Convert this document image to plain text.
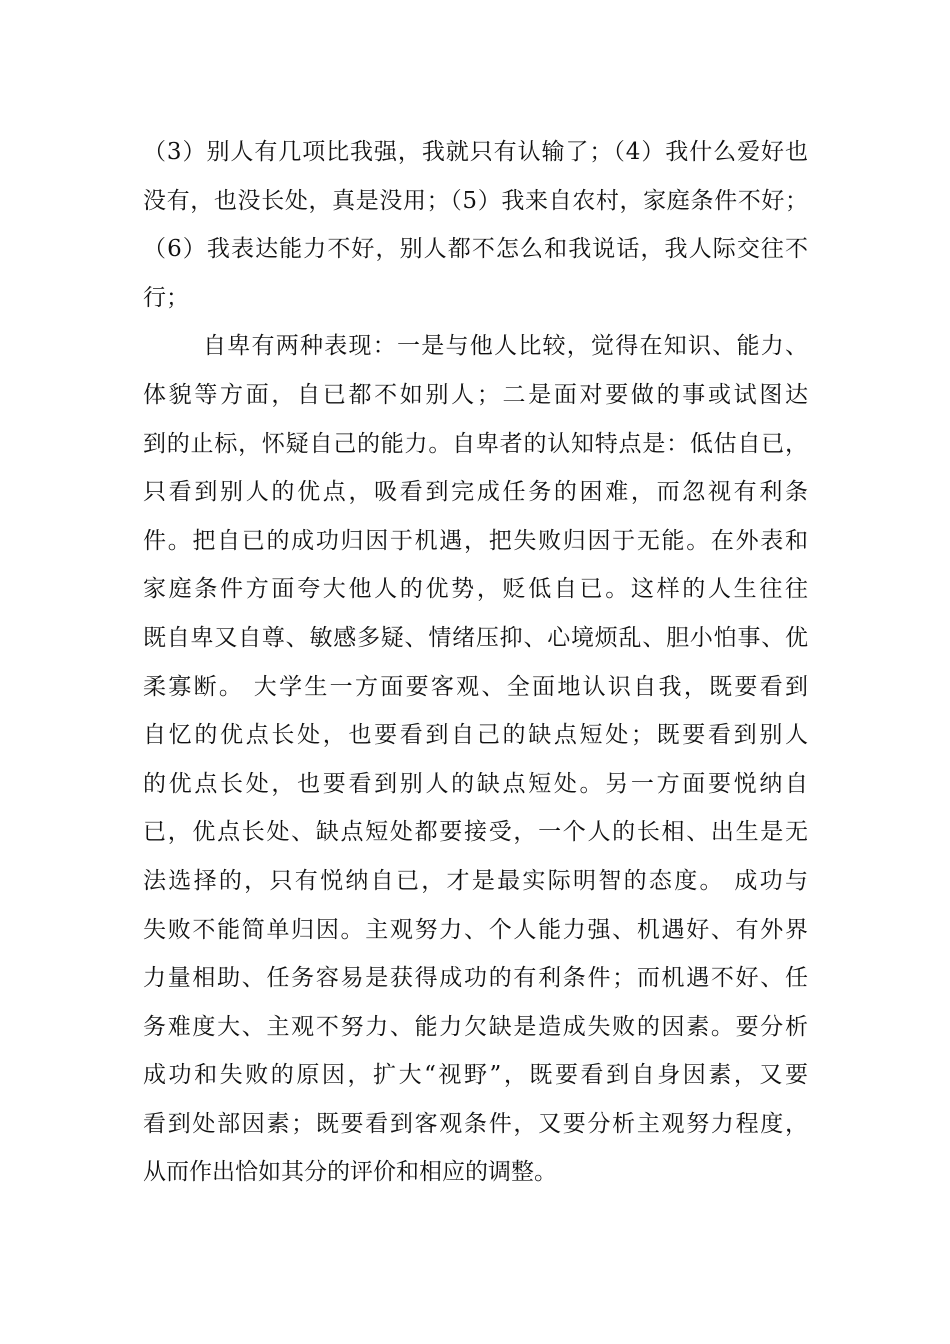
（3）别人有几项比我强，我就只有认输了；（4）我什么爱好也
没有，也没长处，真是没用；（5）我来自农村，家庭条件不好；
（6）我表达能力不好，别人都不怎么和我说话，我人际交往不
行；
自卑有两种表现：一是与他人比较，觉得在知识、能力、
体貌等方面，自已都不如别人；二是面对要做的事或试图达
到的止标，怀疑自己的能力。自卑者的认知特点是：低估自已，
只看到别人的优点，吸看到完成任务的困难，而忽视有利条
件。把自已的成功归因于机遇，把失败归因于无能。在外表和
家庭条件方面夸大他人的优势，贬低自已。这样的人生往往
既自卑又自尊、敏感多疑、情绪压抑、心境烦乱、胆小怕事、优
柔寡断。 大学生一方面要客观、全面地认识自我，既要看到
自忆的优点长处，也要看到自己的缺点短处；既要看到别人
的优点长处，也要看到别人的缺点短处。另一方面要悦纳自
已，优点长处、缺点短处都要接受，一个人的长相、出生是无
法选择的，只有悦纳自已，才是最实际明智的态度。 成功与
失败不能简单归因。主观努力、个人能力强、机遇好、有外界
力量相助、任务容易是获得成功的有利条件；而机遇不好、任
务难度大、主观不努力、能力欠缺是造成失败的因素。要分析
成功和失败的原因，扩大“视野”，既要看到自身因素，又要
看到处部因素；既要看到客观条件，又要分析主观努力程度，
从而作出恰如其分的评价和相应的调整。
